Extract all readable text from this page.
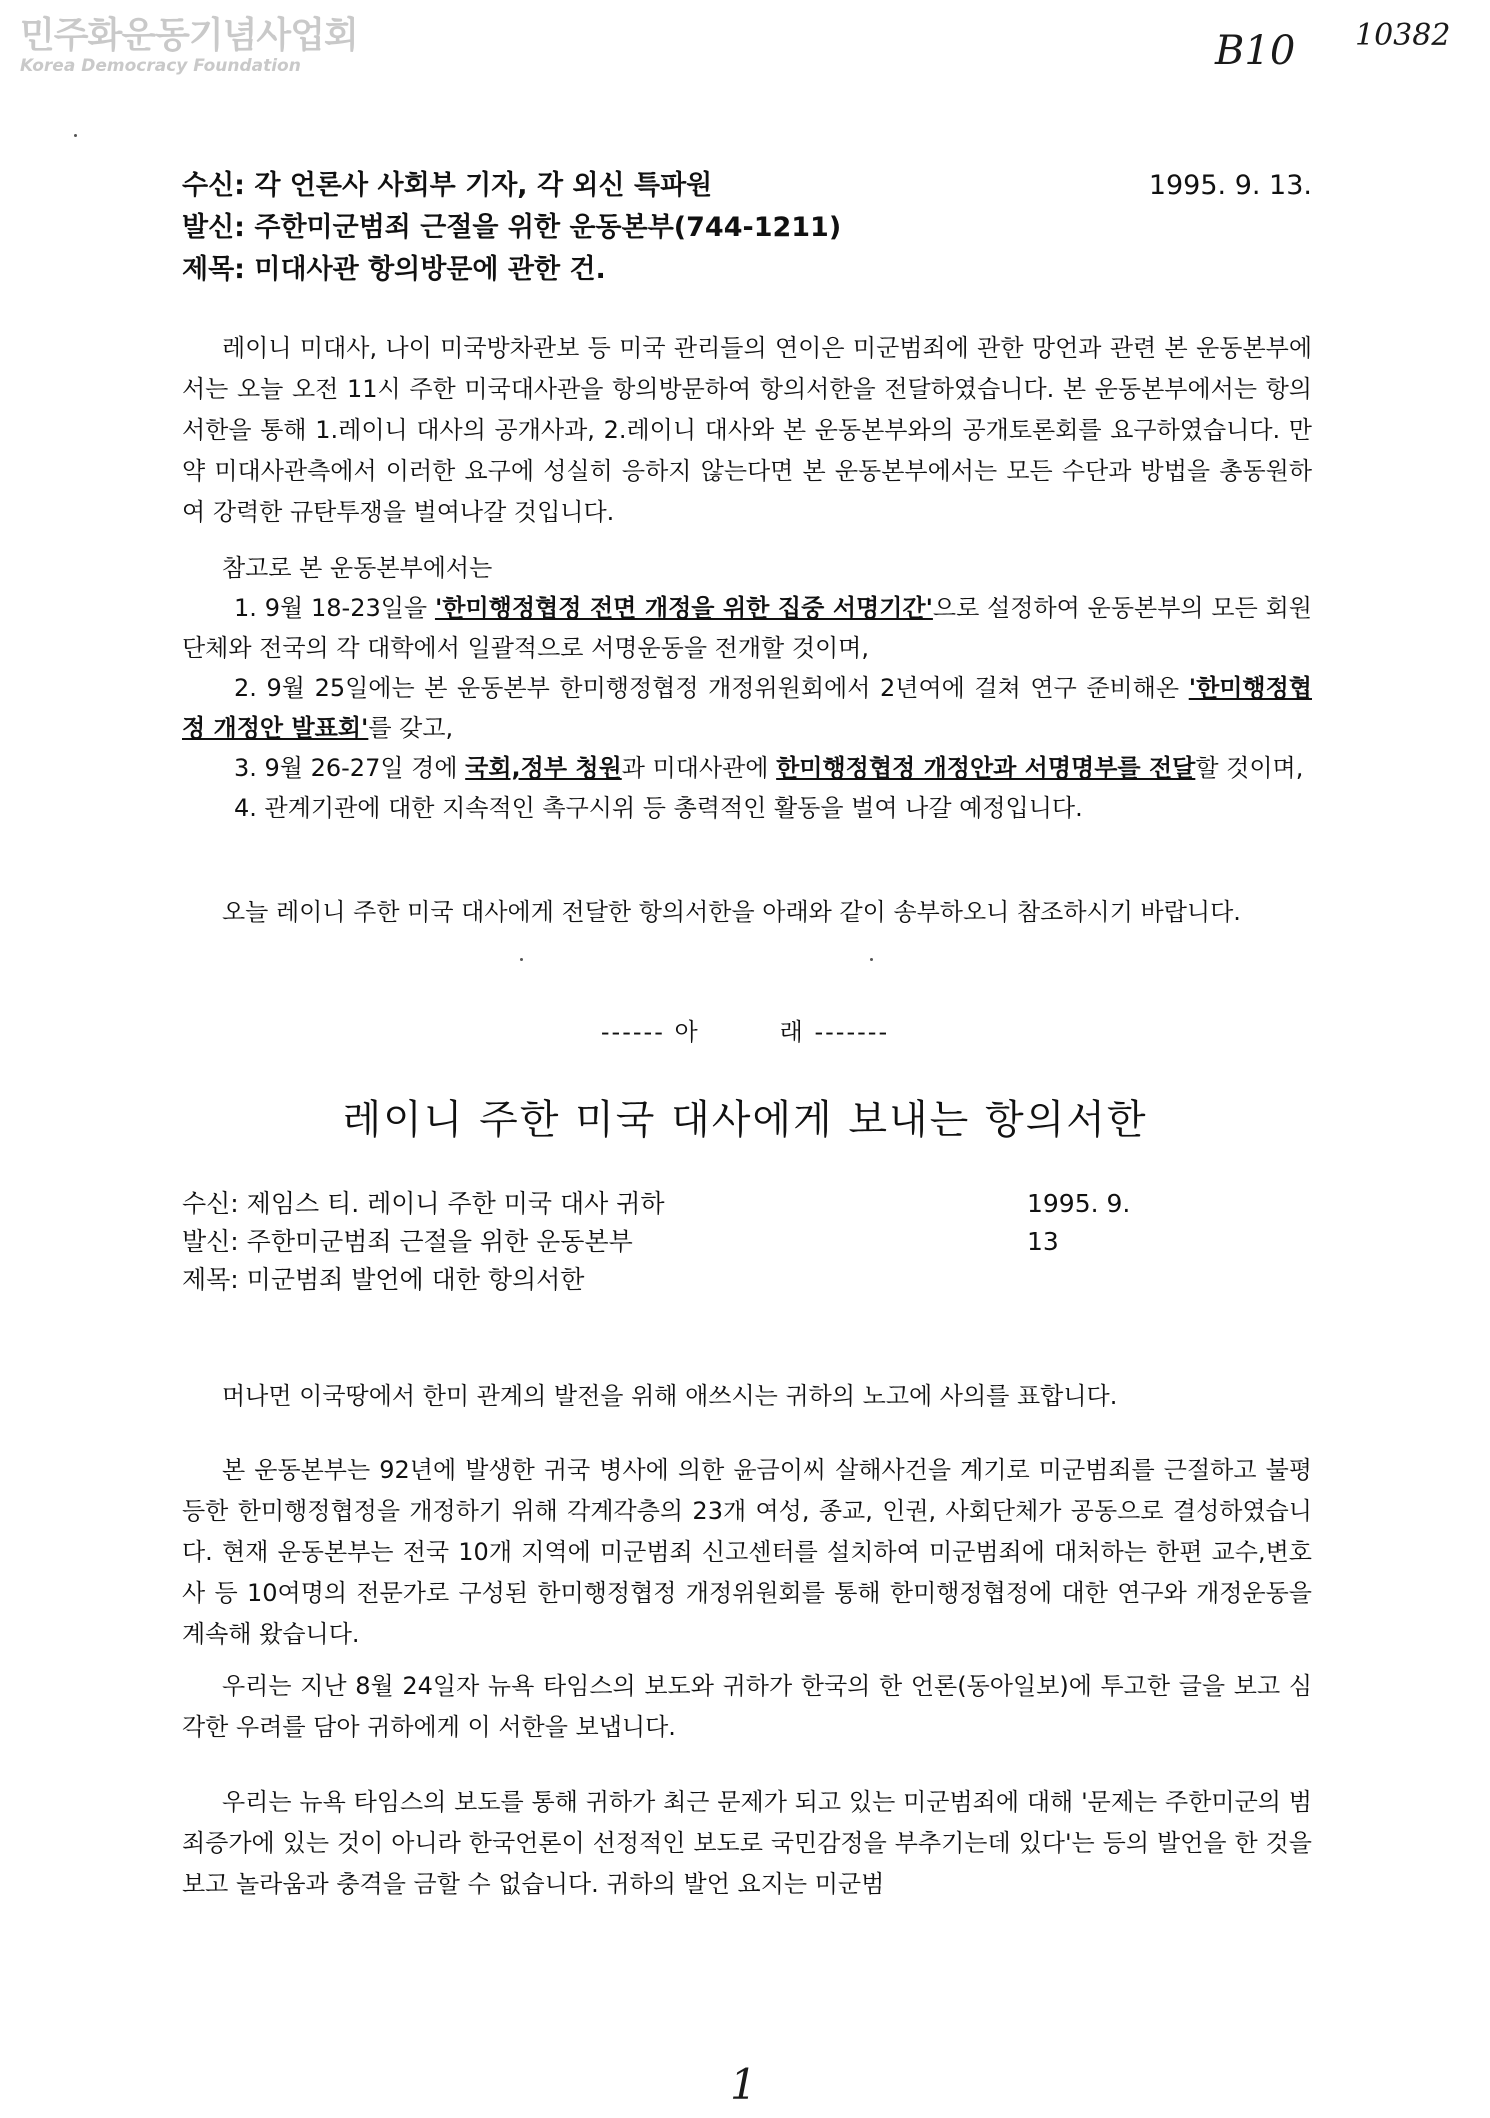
민주화운동기념사업회
Korea Democracy Foundation	B10 10382
수신: 각 언론사 사회부 기자, 각 외신 특파원	1995. 9. 13.
발신: 주한미군범죄 근절을 위한 운동본부(744-1211)
제목: 미대사관 항의방문에 관한 건.
레이니 미대사, 나이 미국방차관보 등 미국 관리들의 연이은 미군범죄에 관한 망언과 관련 본 운동본부에서는 오늘 오전 11시 주한 미국대사관을 항의방문하여 항의서한을 전달하였습니다. 본 운동본부에서는 항의서한을 통해 1.레이니 대사의 공개사과, 2.레이니 대사와 본 운동본부와의 공개토론회를 요구하였습니다. 만약 미대사관측에서 이러한 요구에 성실히 응하지 않는다면 본 운동본부에서는 모든 수단과 방법을 총동원하여 강력한 규탄투쟁을 벌여나갈 것입니다.
참고로 본 운동본부에서는

1. 9월 18-23일을 '한미행정협정 전면 개정을 위한 집중 서명기간'으로 설정하여 운동본부의 모든 회원단체와 전국의 각 대학에서 일괄적으로 서명운동을 전개할 것이며,

2. 9월 25일에는 본 운동본부 한미행정협정 개정위원회에서 2년여에 걸쳐 연구 준비해온 '한미행정협정 개정안 발표회'를 갖고,

3. 9월 26-27일 경에 국회,정부 청원과 미대사관에 한미행정협정 개정안과 서명명부를 전달할 것이며,

4. 관계기관에 대한 지속적인 촉구시위 등 총력적인 활동을 벌여 나갈 예정입니다.

오늘 레이니 주한 미국 대사에게 전달한 항의서한을 아래와 같이 송부하오니 참조하시기 바랍니다.
------ 아	래 -------
레이니 주한 미국 대사에게 보내는 항의서한
수신: 제임스 티. 레이니 주한 미국 대사 귀하	1995. 9. 13
발신: 주한미군범죄 근절을 위한 운동본부
제목: 미군범죄 발언에 대한 항의서한
머나먼 이국땅에서 한미 관계의 발전을 위해 애쓰시는 귀하의 노고에 사의를 표합니다.
본 운동본부는 92년에 발생한 귀국 병사에 의한 윤금이씨 살해사건을 계기로 미군범죄를 근절하고 불평등한 한미행정협정을 개정하기 위해 각계각층의 23개 여성, 종교, 인권, 사회단체가 공동으로 결성하였습니다. 현재 운동본부는 전국 10개 지역에 미군범죄 신고센터를 설치하여 미군범죄에 대처하는 한편 교수,변호사 등 10여명의 전문가로 구성된 한미행정협정 개정위원회를 통해 한미행정협정에 대한 연구와 개정운동을 계속해 왔습니다.
우리는 지난 8월 24일자 뉴욕 타임스의 보도와 귀하가 한국의 한 언론(동아일보)에 투고한 글을 보고 심각한 우려를 담아 귀하에게 이 서한을 보냅니다.
우리는 뉴욕 타임스의 보도를 통해 귀하가 최근 문제가 되고 있는 미군범죄에 대해 '문제는 주한미군의 범죄증가에 있는 것이 아니라 한국언론이 선정적인 보도로 국민감정을 부추기는데 있다'는 등의 발언을 한 것을 보고 놀라움과 충격을 금할 수 없습니다. 귀하의 발언 요지는 미군범
1
